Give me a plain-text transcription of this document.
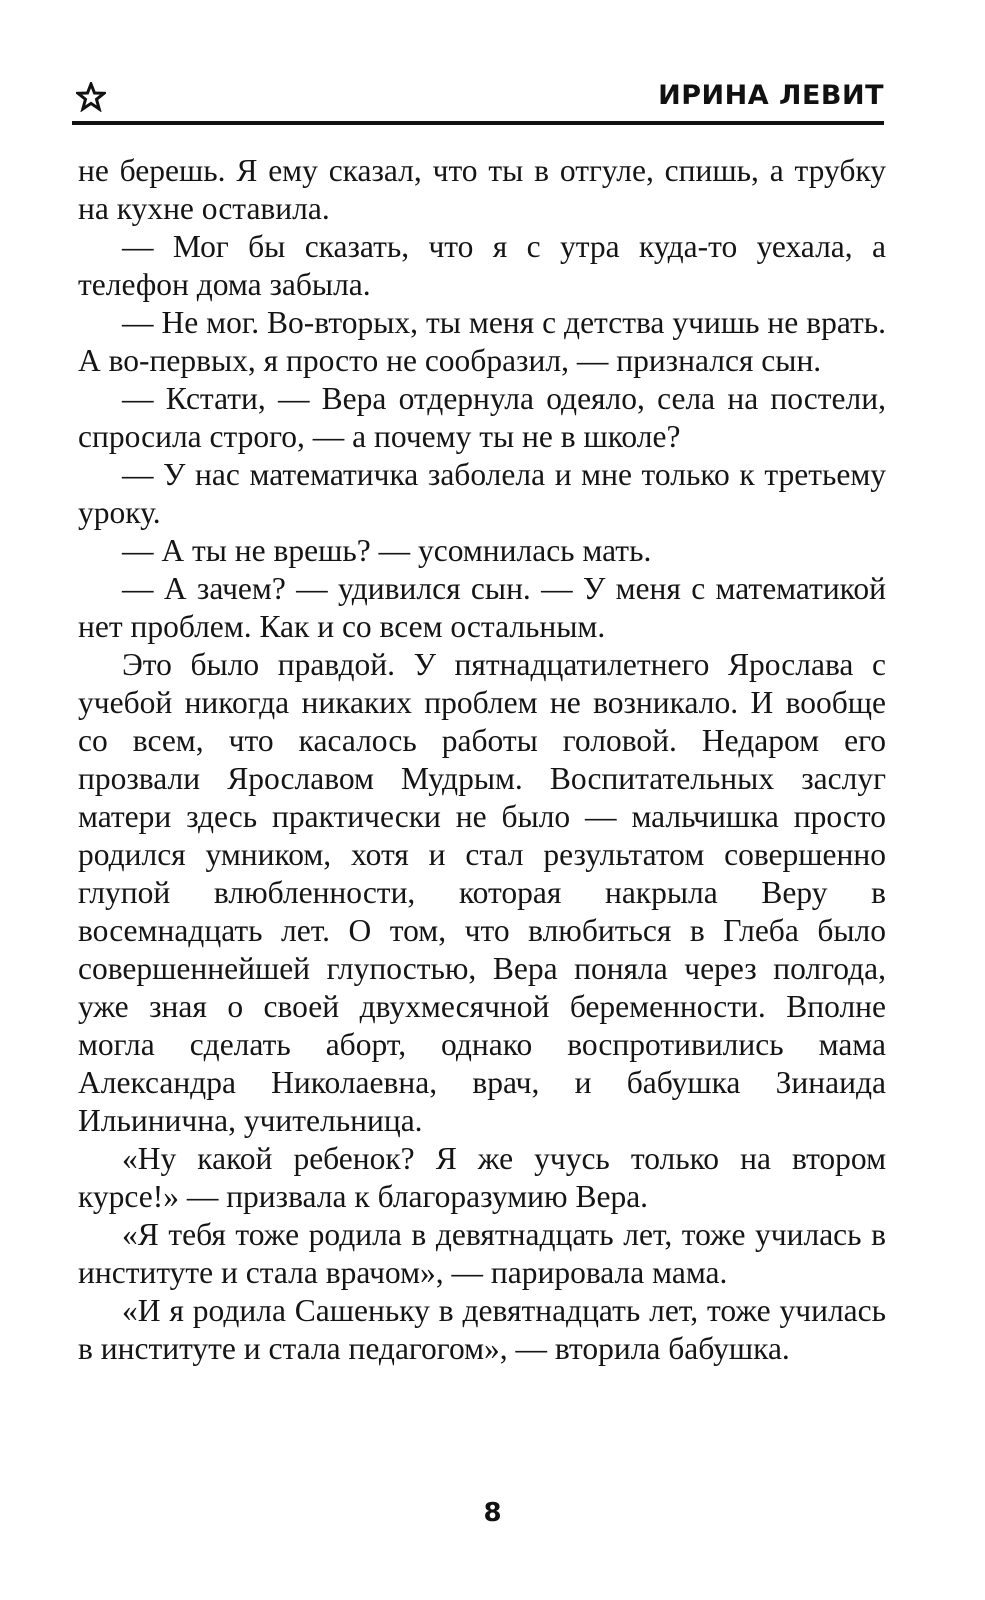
ИРИНА ЛЕВИТ

не берешь. Я ему сказал, что ты в отгуле, спишь, а трубку на кухне оставила.

— Мог бы сказать, что я с утра куда-то уехала, а телефон дома забыла.

— Не мог. Во-вторых, ты меня с детства учишь не врать. А во-первых, я просто не сообразил, — признался сын.

— Кстати, — Вера отдернула одеяло, села на постели, спросила строго, — а почему ты не в школе?

— У нас математичка заболела и мне только к третьему уроку.

— А ты не врешь? — усомнилась мать.

— А зачем? — удивился сын. — У меня с математикой нет проблем. Как и со всем остальным.

Это было правдой. У пятнадцатилетнего Ярослава с учебой никогда никаких проблем не возникало. И вообще со всем, что касалось работы головой. Недаром его прозвали Ярославом Мудрым. Воспитательных заслуг матери здесь практически не было — мальчишка просто родился умником, хотя и стал результатом совершенно глупой влюбленности, которая накрыла Веру в восемнадцать лет. О том, что влюбиться в Глеба было совершеннейшей глупостью, Вера поняла через полгода, уже зная о своей двухмесячной беременности. Вполне могла сделать аборт, однако воспротивились мама Александра Николаевна, врач, и бабушка Зинаида Ильинична, учительница.

«Ну какой ребенок? Я же учусь только на втором курсе!» — призвала к благоразумию Вера.

«Я тебя тоже родила в девятнадцать лет, тоже училась в институте и стала врачом», — парировала мама.

«И я родила Сашеньку в девятнадцать лет, тоже училась в институте и стала педагогом», — вторила бабушка.

8
